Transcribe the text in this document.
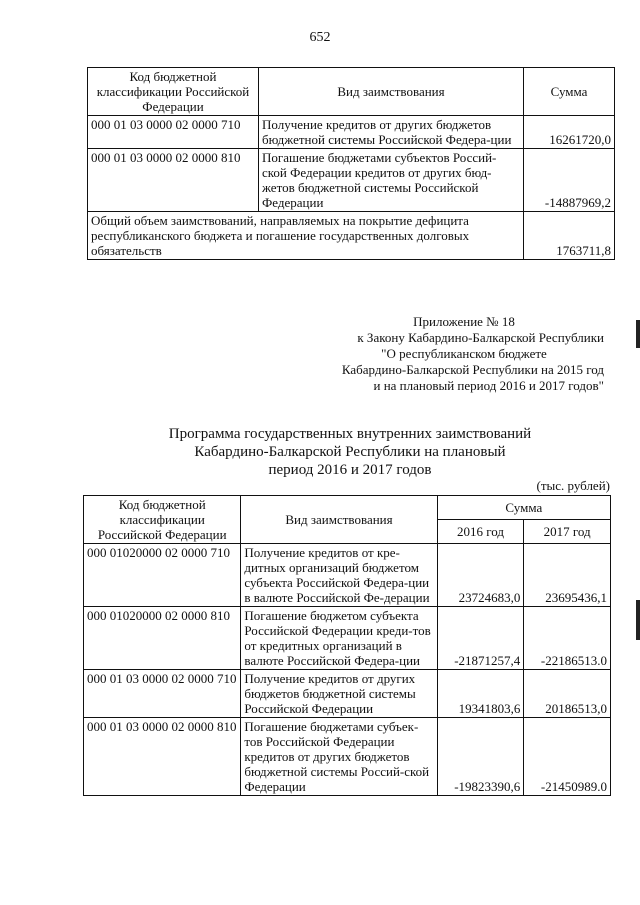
652
Код бюджетной классификации Российской Федерации	Вид заимствования	Сумма
000 01 03 0000 02 0000 710	Получение кредитов от других бюджетов бюджетной системы Российской Федера-ции	16261720,0
000 01 03 0000 02 0000 810	Погашение бюджетами субъектов Россий-ской Федерации кредитов от других бюд-жетов бюджетной системы Российской Федерации	-14887969,2
Общий объем заимствований, направляемых на покрытие дефицита республиканского бюджета и погашение государственных долговых обязательств		1763711,8
Приложение № 18
к Закону Кабардино-Балкарской Республики
"О республиканском бюджете
Кабардино-Балкарской Республики на 2015 год
и на плановый период 2016 и 2017 годов"
Программа государственных внутренних заимствований
Кабардино-Балкарской Республики на плановый
период 2016 и 2017 годов
(тыс. рублей)
Код бюджетной классификации Российской Федерации	Вид заимствования	Сумма	
		2016 год	2017 год
000 01020000 02 0000 710	Получение кредитов от кре-дитных организаций бюджетом субъекта Российской Федера-ции в валюте Российской Фе-дерации	23724683,0	23695436,1
000 01020000 02 0000 810	Погашение бюджетом субъекта Российской Федерации креди-тов от кредитных организаций в валюте Российской Федера-ции	-21871257,4	-22186513.0
000 01 03 0000 02 0000 710	Получение кредитов от других бюджетов бюджетной системы Российской Федерации	19341803,6	20186513,0
000 01 03 0000 02 0000 810	Погашение бюджетами субъек-тов Российской Федерации кредитов от других бюджетов бюджетной системы Россий-ской Федерации	-19823390,6	-21450989.0
